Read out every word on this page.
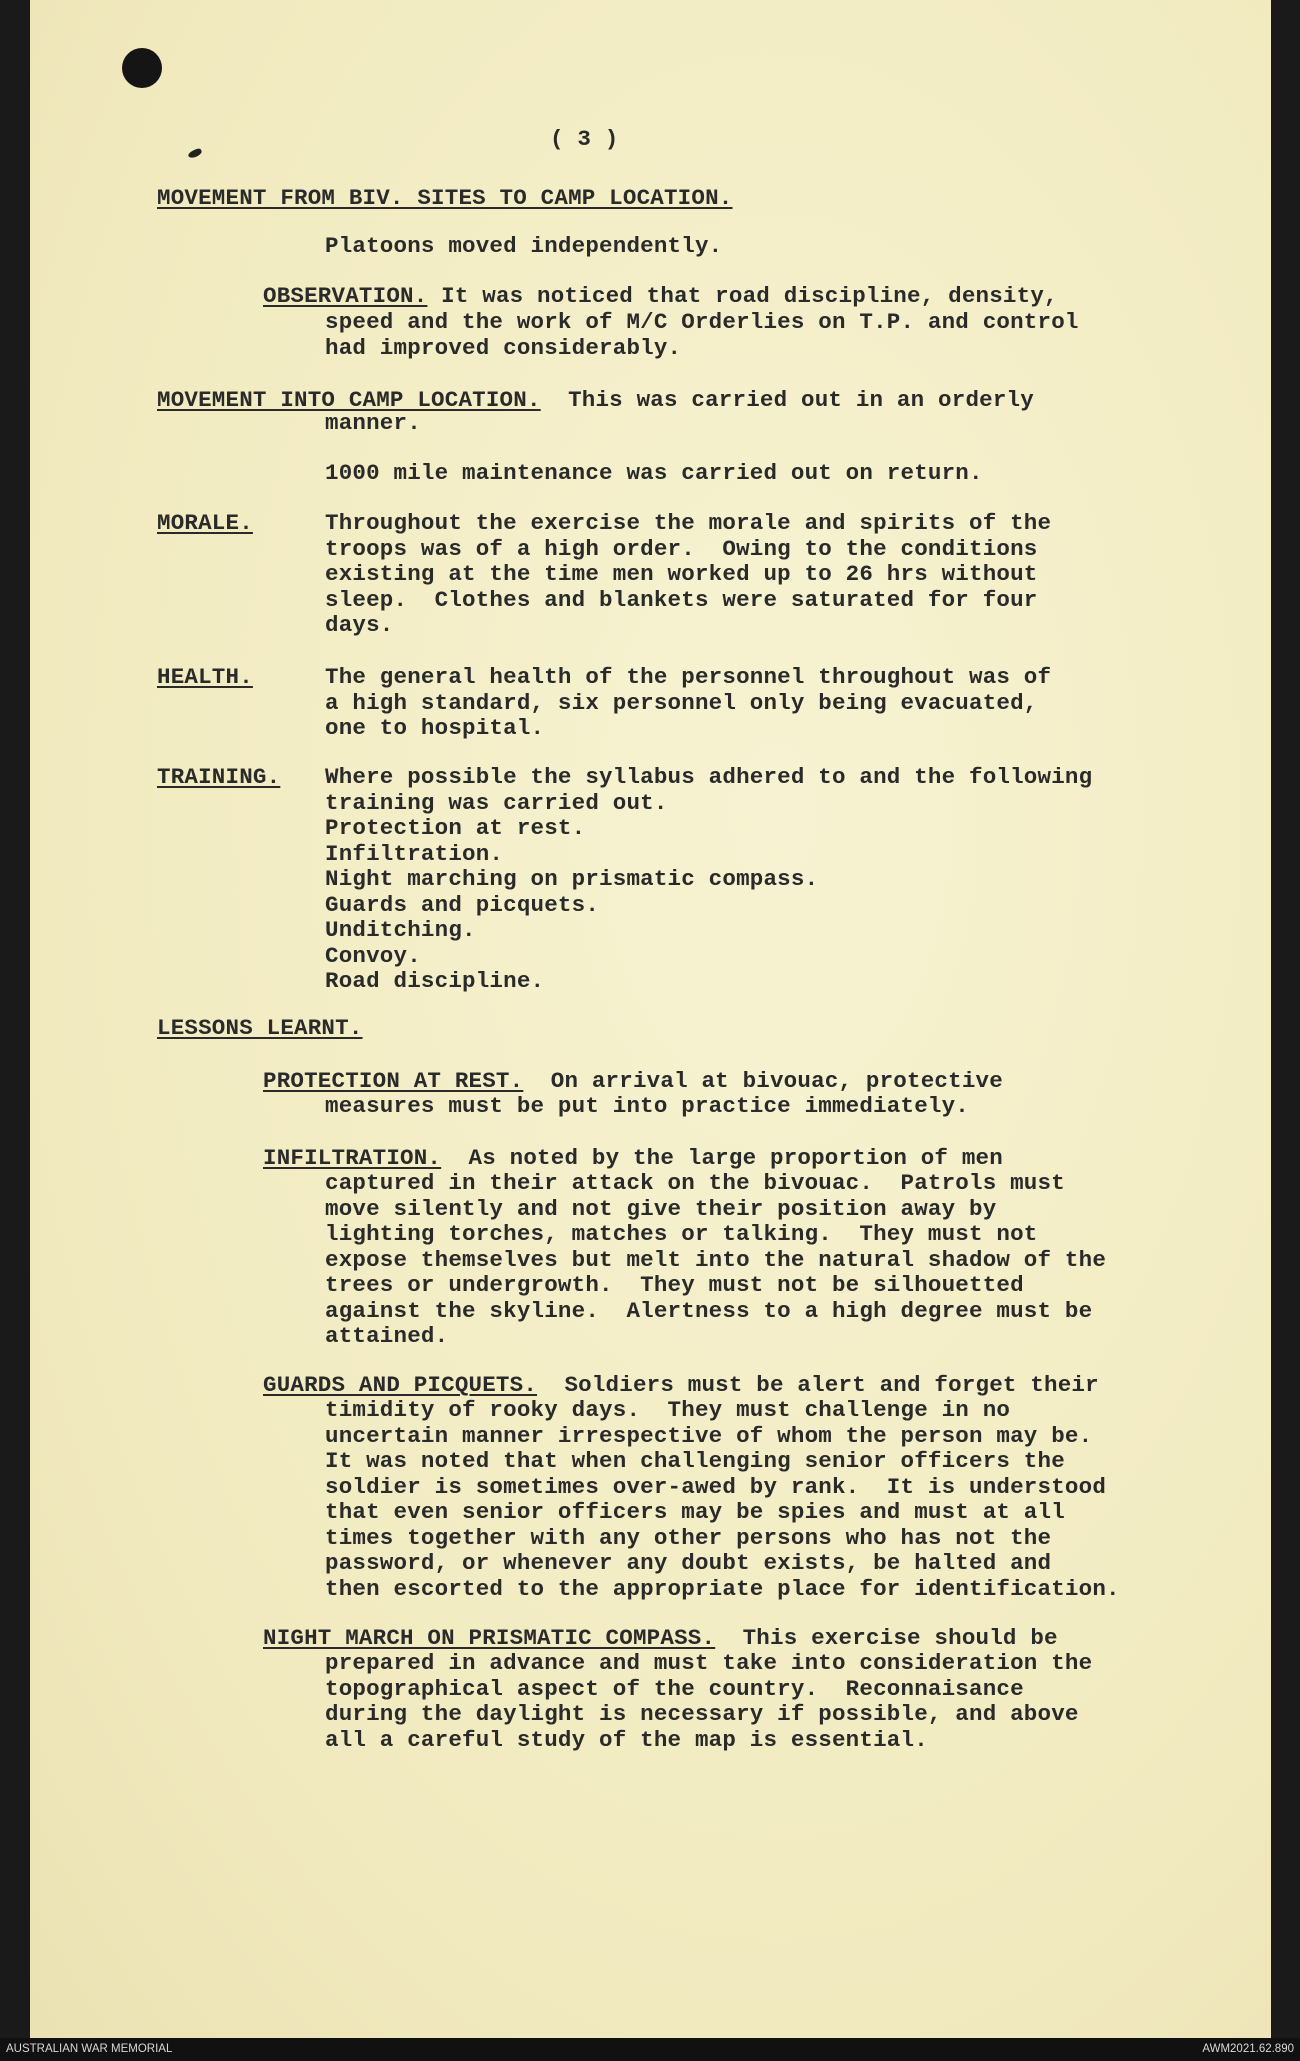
( 3 )

MOVEMENT FROM BIV. SITES TO CAMP LOCATION.

Platoons moved independently.

OBSERVATION. It was noticed that road discipline, density,

speed and the work of M/C Orderlies on T.P. and control

had improved considerably.

MOVEMENT INTO CAMP LOCATION.  This was carried out in an orderly

manner.

1000 mile maintenance was carried out on return.

MORALE.	Throughout the exercise the morale and spirits of the

troops was of a high order.  Owing to the conditions

existing at the time men worked up to 26 hrs without

sleep.  Clothes and blankets were saturated for four

days.

HEALTH.	The general health of the personnel throughout was of

a high standard, six personnel only being evacuated,

one to hospital.

TRAINING. Where possible the syllabus adhered to and the following

training was carried out.

Protection at rest.

Infiltration.

Night marching on prismatic compass.

Guards and picquets.

Unditching.

Convoy.

Road discipline.

LESSONS LEARNT.

PROTECTION AT REST.  On arrival at bivouac, protective

measures must be put into practice immediately.

INFILTRATION.  As noted by the large proportion of men

captured in their attack on the bivouac.  Patrols must

move silently and not give their position away by

lighting torches, matches or talking.  They must not

expose themselves but melt into the natural shadow of the

trees or undergrowth.  They must not be silhouetted

against the skyline.  Alertness to a high degree must be

attained.

GUARDS AND PICQUETS.  Soldiers must be alert and forget their

timidity of rooky days.  They must challenge in no

uncertain manner irrespective of whom the person may be.

It was noted that when challenging senior officers the

soldier is sometimes over-awed by rank.  It is understood

that even senior officers may be spies and must at all

times together with any other persons who has not the

password, or whenever any doubt exists, be halted and

then escorted to the appropriate place for identification.

NIGHT MARCH ON PRISMATIC COMPASS.  This exercise should be

prepared in advance and must take into consideration the

topographical aspect of the country.  Reconnaisance

during the daylight is necessary if possible, and above

all a careful study of the map is essential.

AUSTRALIAN WAR MEMORIAL	AWM2021.62.890
